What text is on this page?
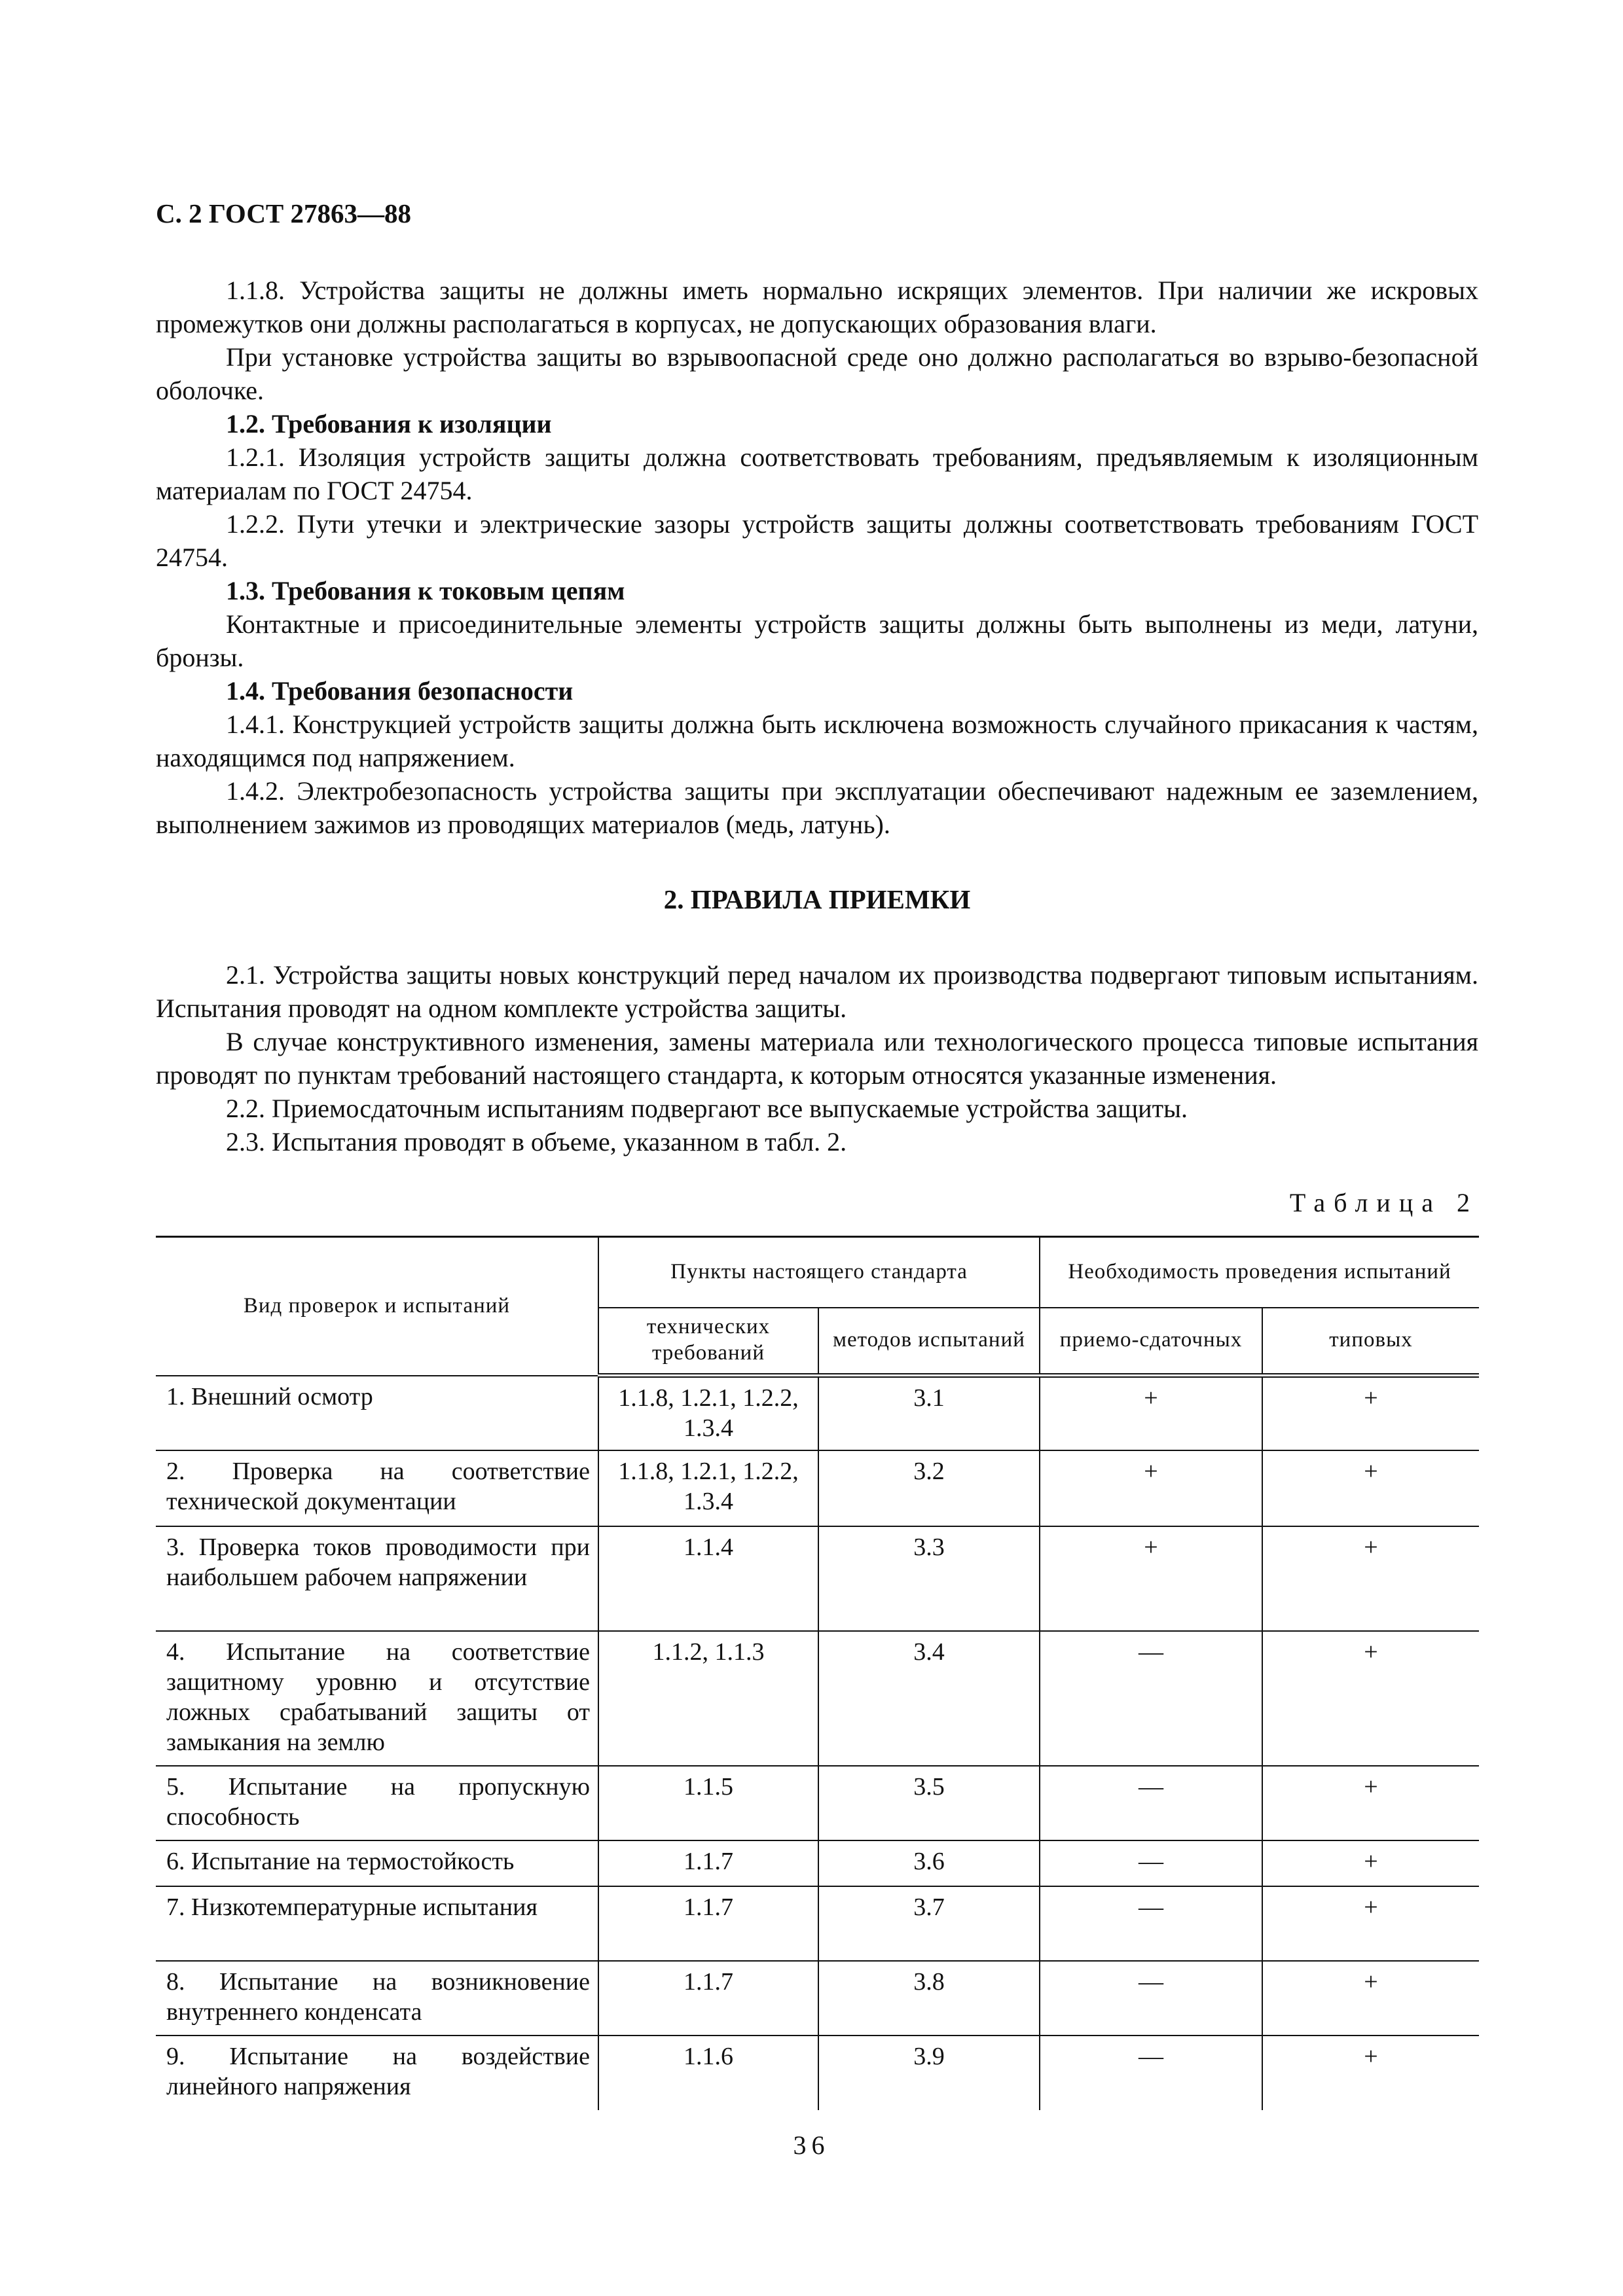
С. 2 ГОСТ 27863—88

1.1.8. Устройства защиты не должны иметь нормально искрящих элементов. При наличии же искровых промежутков они должны располагаться в корпусах, не допускающих образования влаги.

При установке устройства защиты во взрывоопасной среде оно должно располагаться во взрыво-безопасной оболочке.

1.2. Требования к изоляции

1.2.1. Изоляция устройств защиты должна соответствовать требованиям, предъявляемым к изоляционным материалам по ГОСТ 24754.

1.2.2. Пути утечки и электрические зазоры устройств защиты должны соответствовать требованиям ГОСТ 24754.

1.3. Требования к токовым цепям

Контактные и присоединительные элементы устройств защиты должны быть выполнены из меди, латуни, бронзы.

1.4. Требования безопасности

1.4.1. Конструкцией устройств защиты должна быть исключена возможность случайного прикасания к частям, находящимся под напряжением.

1.4.2. Электробезопасность устройства защиты при эксплуатации обеспечивают надежным ее заземлением, выполнением зажимов из проводящих материалов (медь, латунь).

2. ПРАВИЛА ПРИЕМКИ

2.1. Устройства защиты новых конструкций перед началом их производства подвергают типовым испытаниям. Испытания проводят на одном комплекте устройства защиты.

В случае конструктивного изменения, замены материала или технологического процесса типовые испытания проводят по пунктам требований настоящего стандарта, к которым относятся указанные изменения.

2.2. Приемосдаточным испытаниям подвергают все выпускаемые устройства защиты.

2.3. Испытания проводят в объеме, указанном в табл. 2.

Таблица 2
Вид проверок и испытаний	Пункты настоящего стандарта		Необходимость проведения испытаний	
	технических требований	методов испытаний	приемо-сдаточных	типовых
1. Внешний осмотр	1.1.8, 1.2.1, 1.2.2, 1.3.4	3.1	+	+
2. Проверка на соответствие технической документации	1.1.8, 1.2.1, 1.2.2, 1.3.4	3.2	+	+
3. Проверка токов проводимости при наибольшем рабочем напряжении	1.1.4	3.3	+	+
4. Испытание на соответствие защитному уровню и отсутствие ложных срабатываний защиты от замыкания на землю	1.1.2, 1.1.3	3.4	—	+
5. Испытание на пропускную способность	1.1.5	3.5	—	+
6. Испытание на термостойкость	1.1.7	3.6	—	+
7. Низкотемпературные испытания	1.1.7	3.7	—	+
8. Испытание на возникновение внутреннего конденсата	1.1.7	3.8	—	+
9. Испытание на воздействие линейного напряжения	1.1.6	3.9	—	+
36
